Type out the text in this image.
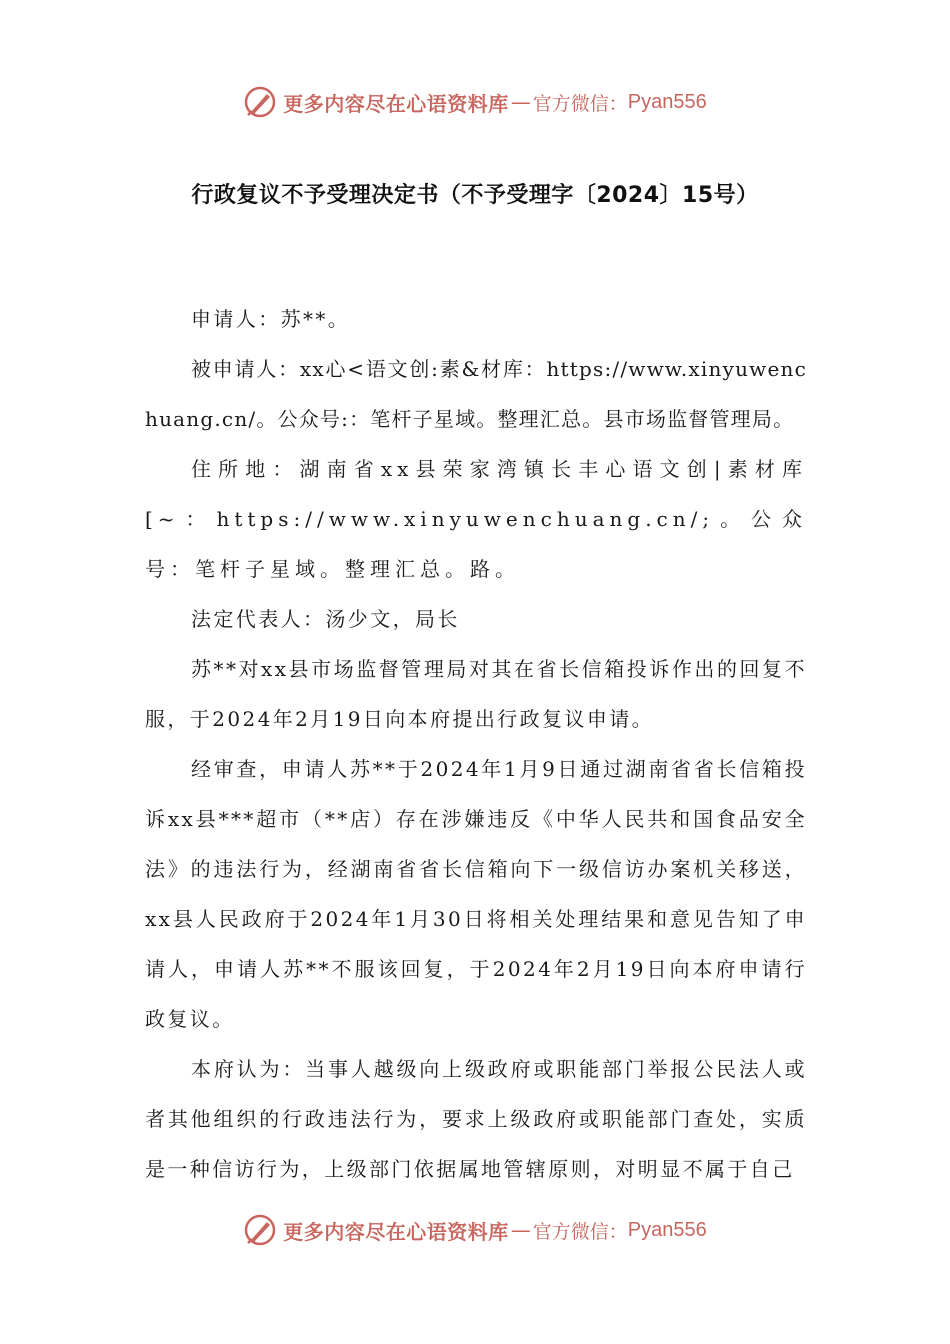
更多内容尽在心语资料库 — 官方微信： Pyan556
行政复议不予受理决定书（不予受理字〔2024〕15号）

申请人：苏**。

被申请人：xx心<语文创:素&材库：https://www.xinyuwenchuang.cn/。公众号:：笔杆子星域。整理汇总。县市场监督管理局。

住所地：湖南省xx县荣家湾镇长丰心语文创|素材库[~：https://www.xinyuwenchuang.cn/;。公众号：笔杆子星域。整理汇总。路。

法定代表人：汤少文，局长

苏**对xx县市场监督管理局对其在省长信箱投诉作出的回复不服，于2024年2月19日向本府提出行政复议申请。

经审查，申请人苏**于2024年1月9日通过湖南省省长信箱投诉xx县***超市（**店）存在涉嫌违反《中华人民共和国食品安全法》的违法行为，经湖南省省长信箱向下一级信访办案机关移送，xx县人民政府于2024年1月30日将相关处理结果和意见告知了申请人，申请人苏**不服该回复，于2024年2月19日向本府申请行政复议。

本府认为：当事人越级向上级政府或职能部门举报公民法人或者其他组织的行政违法行为，要求上级政府或职能部门查处，实质是一种信访行为，上级部门依据属地管辖原则，对明显不属于自己

更多内容尽在心语资料库 — 官方微信： Pyan556
